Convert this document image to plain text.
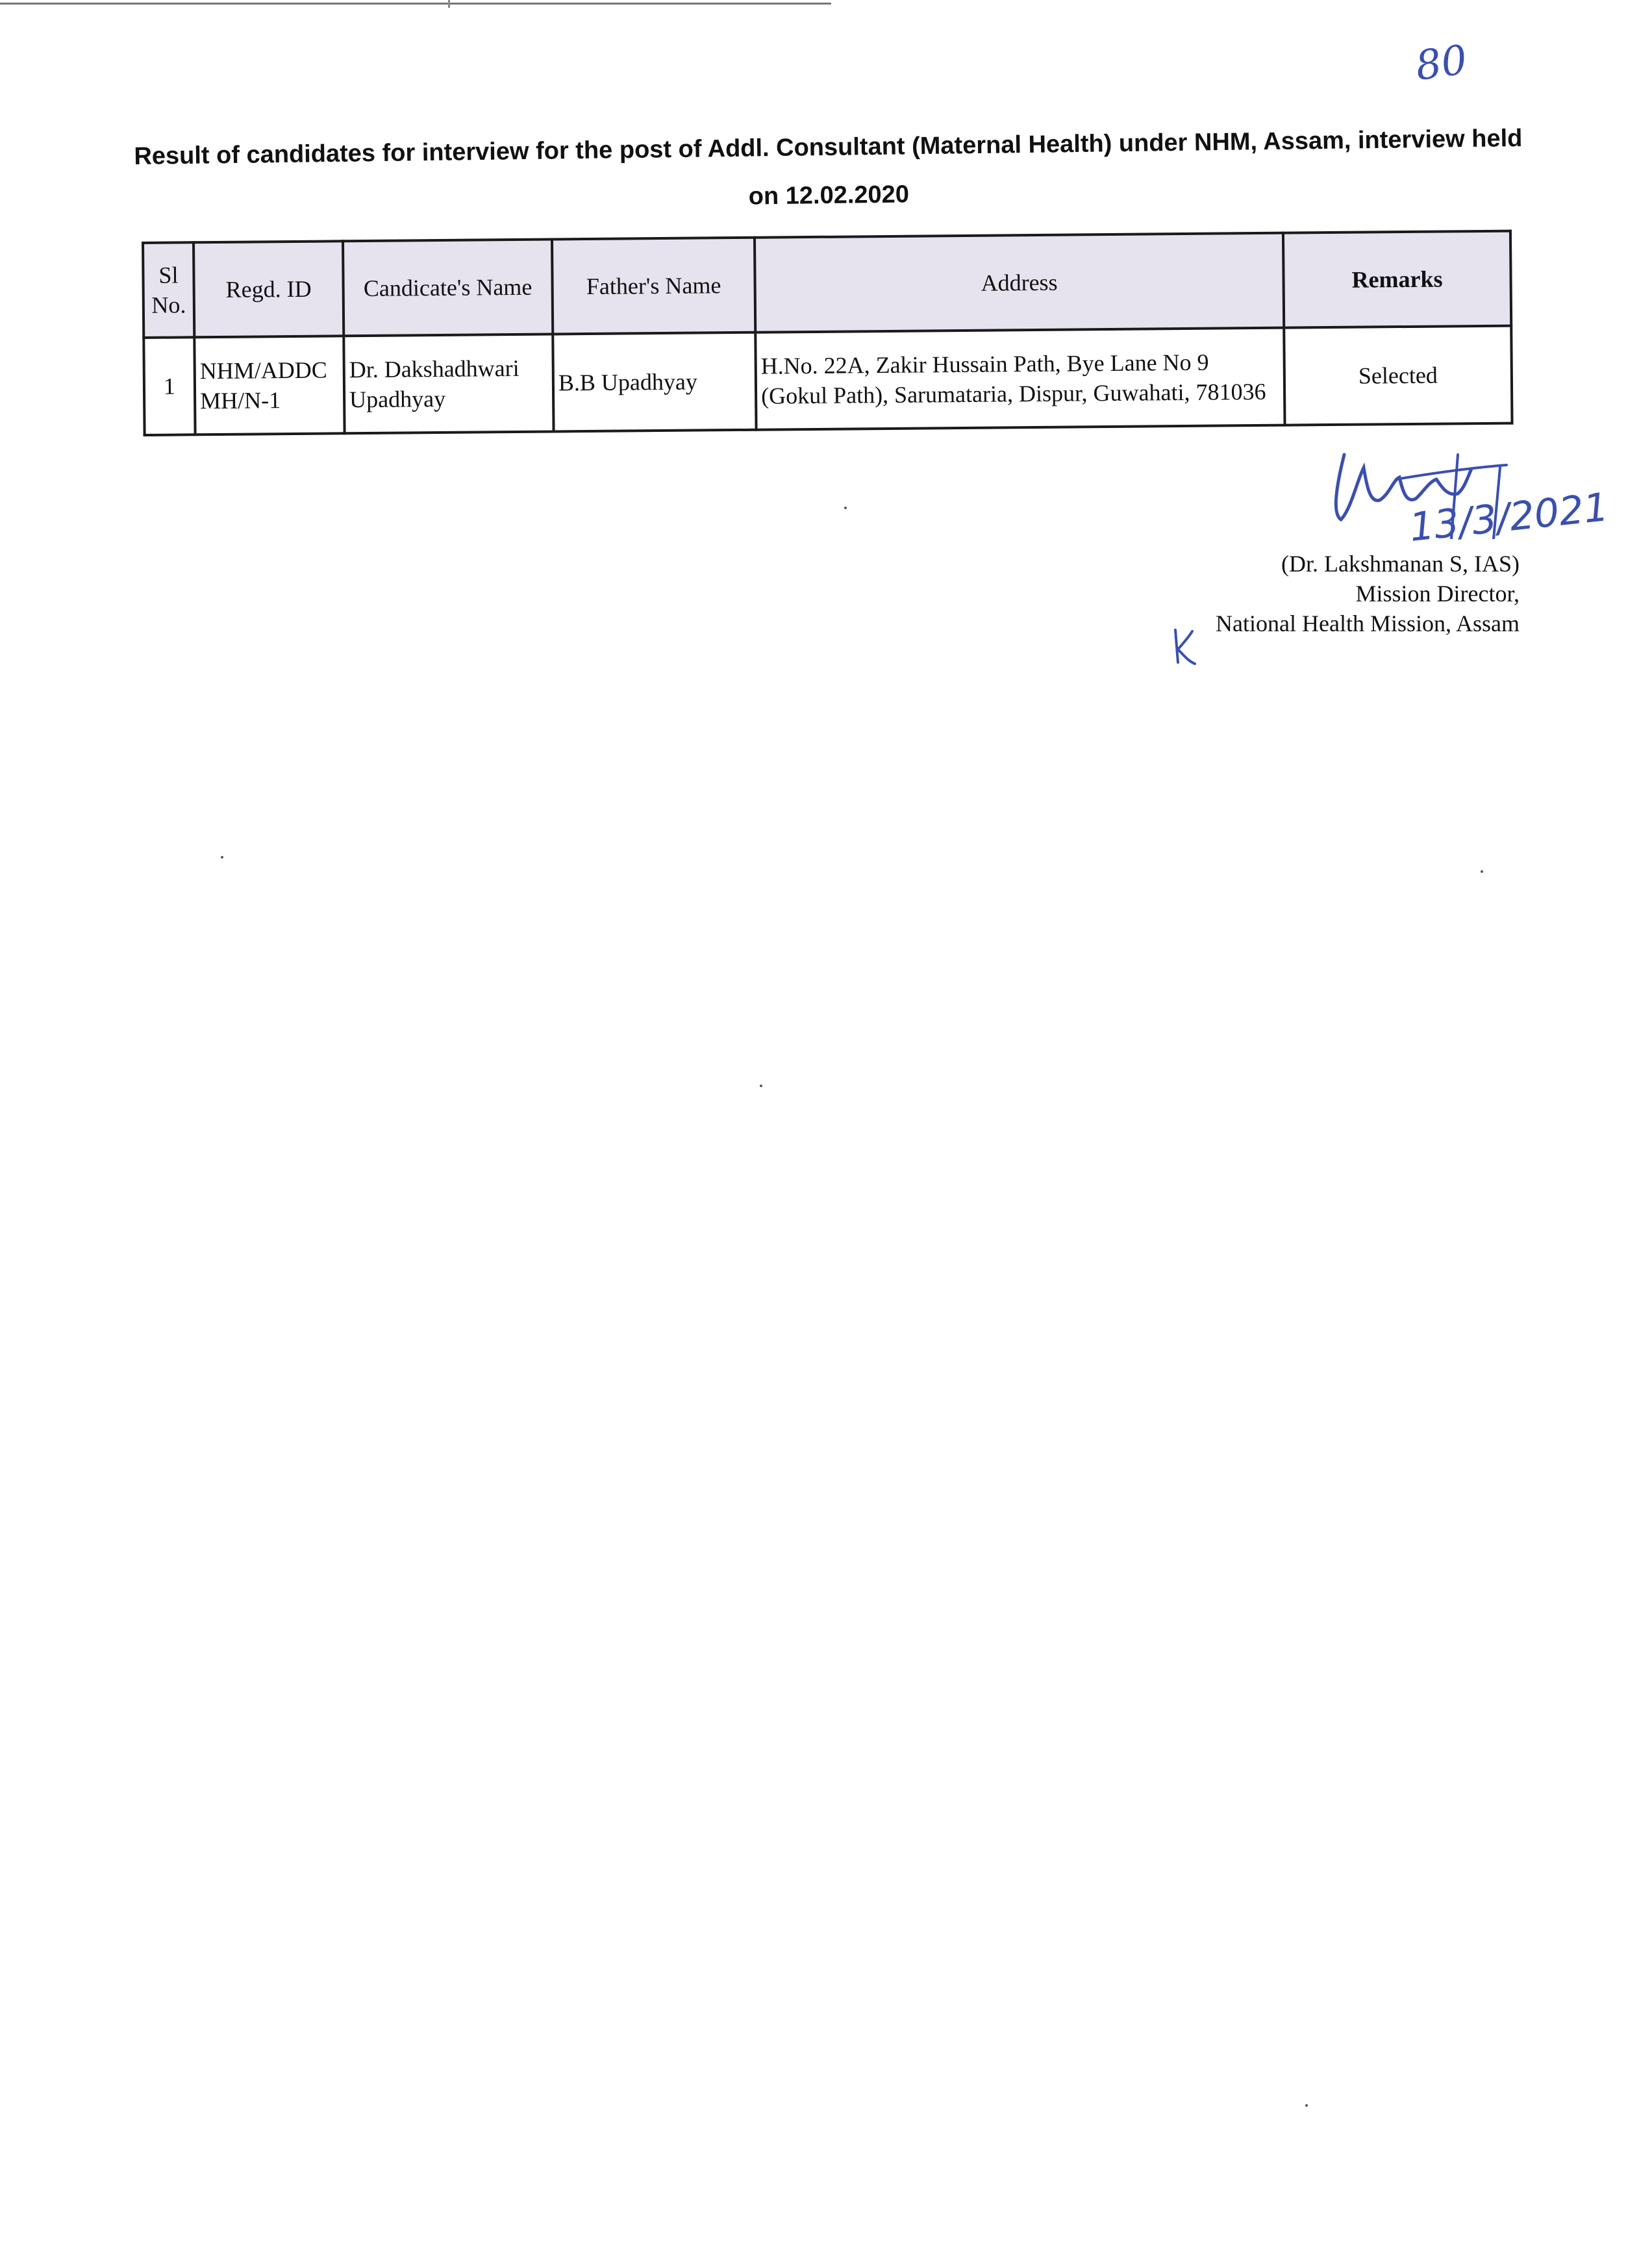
80
Result of candidates for interview for the post of Addl. Consultant (Maternal Health) under NHM, Assam, interview held
on 12.02.2020
Sl No.	Regd. ID	Candicate's Name	Father's Name	Address	Remarks
1	NHM/ADDC MH/N-1	Dr. Dakshadhwari Upadhyay	B.B Upadhyay	H.No. 22A, Zakir Hussain Path, Bye Lane No 9 (Gokul Path), Sarumataria, Dispur, Guwahati, 781036	Selected
13/3/2021
(Dr. Lakshmanan S, IAS)
Mission Director,
National Health Mission, Assam
